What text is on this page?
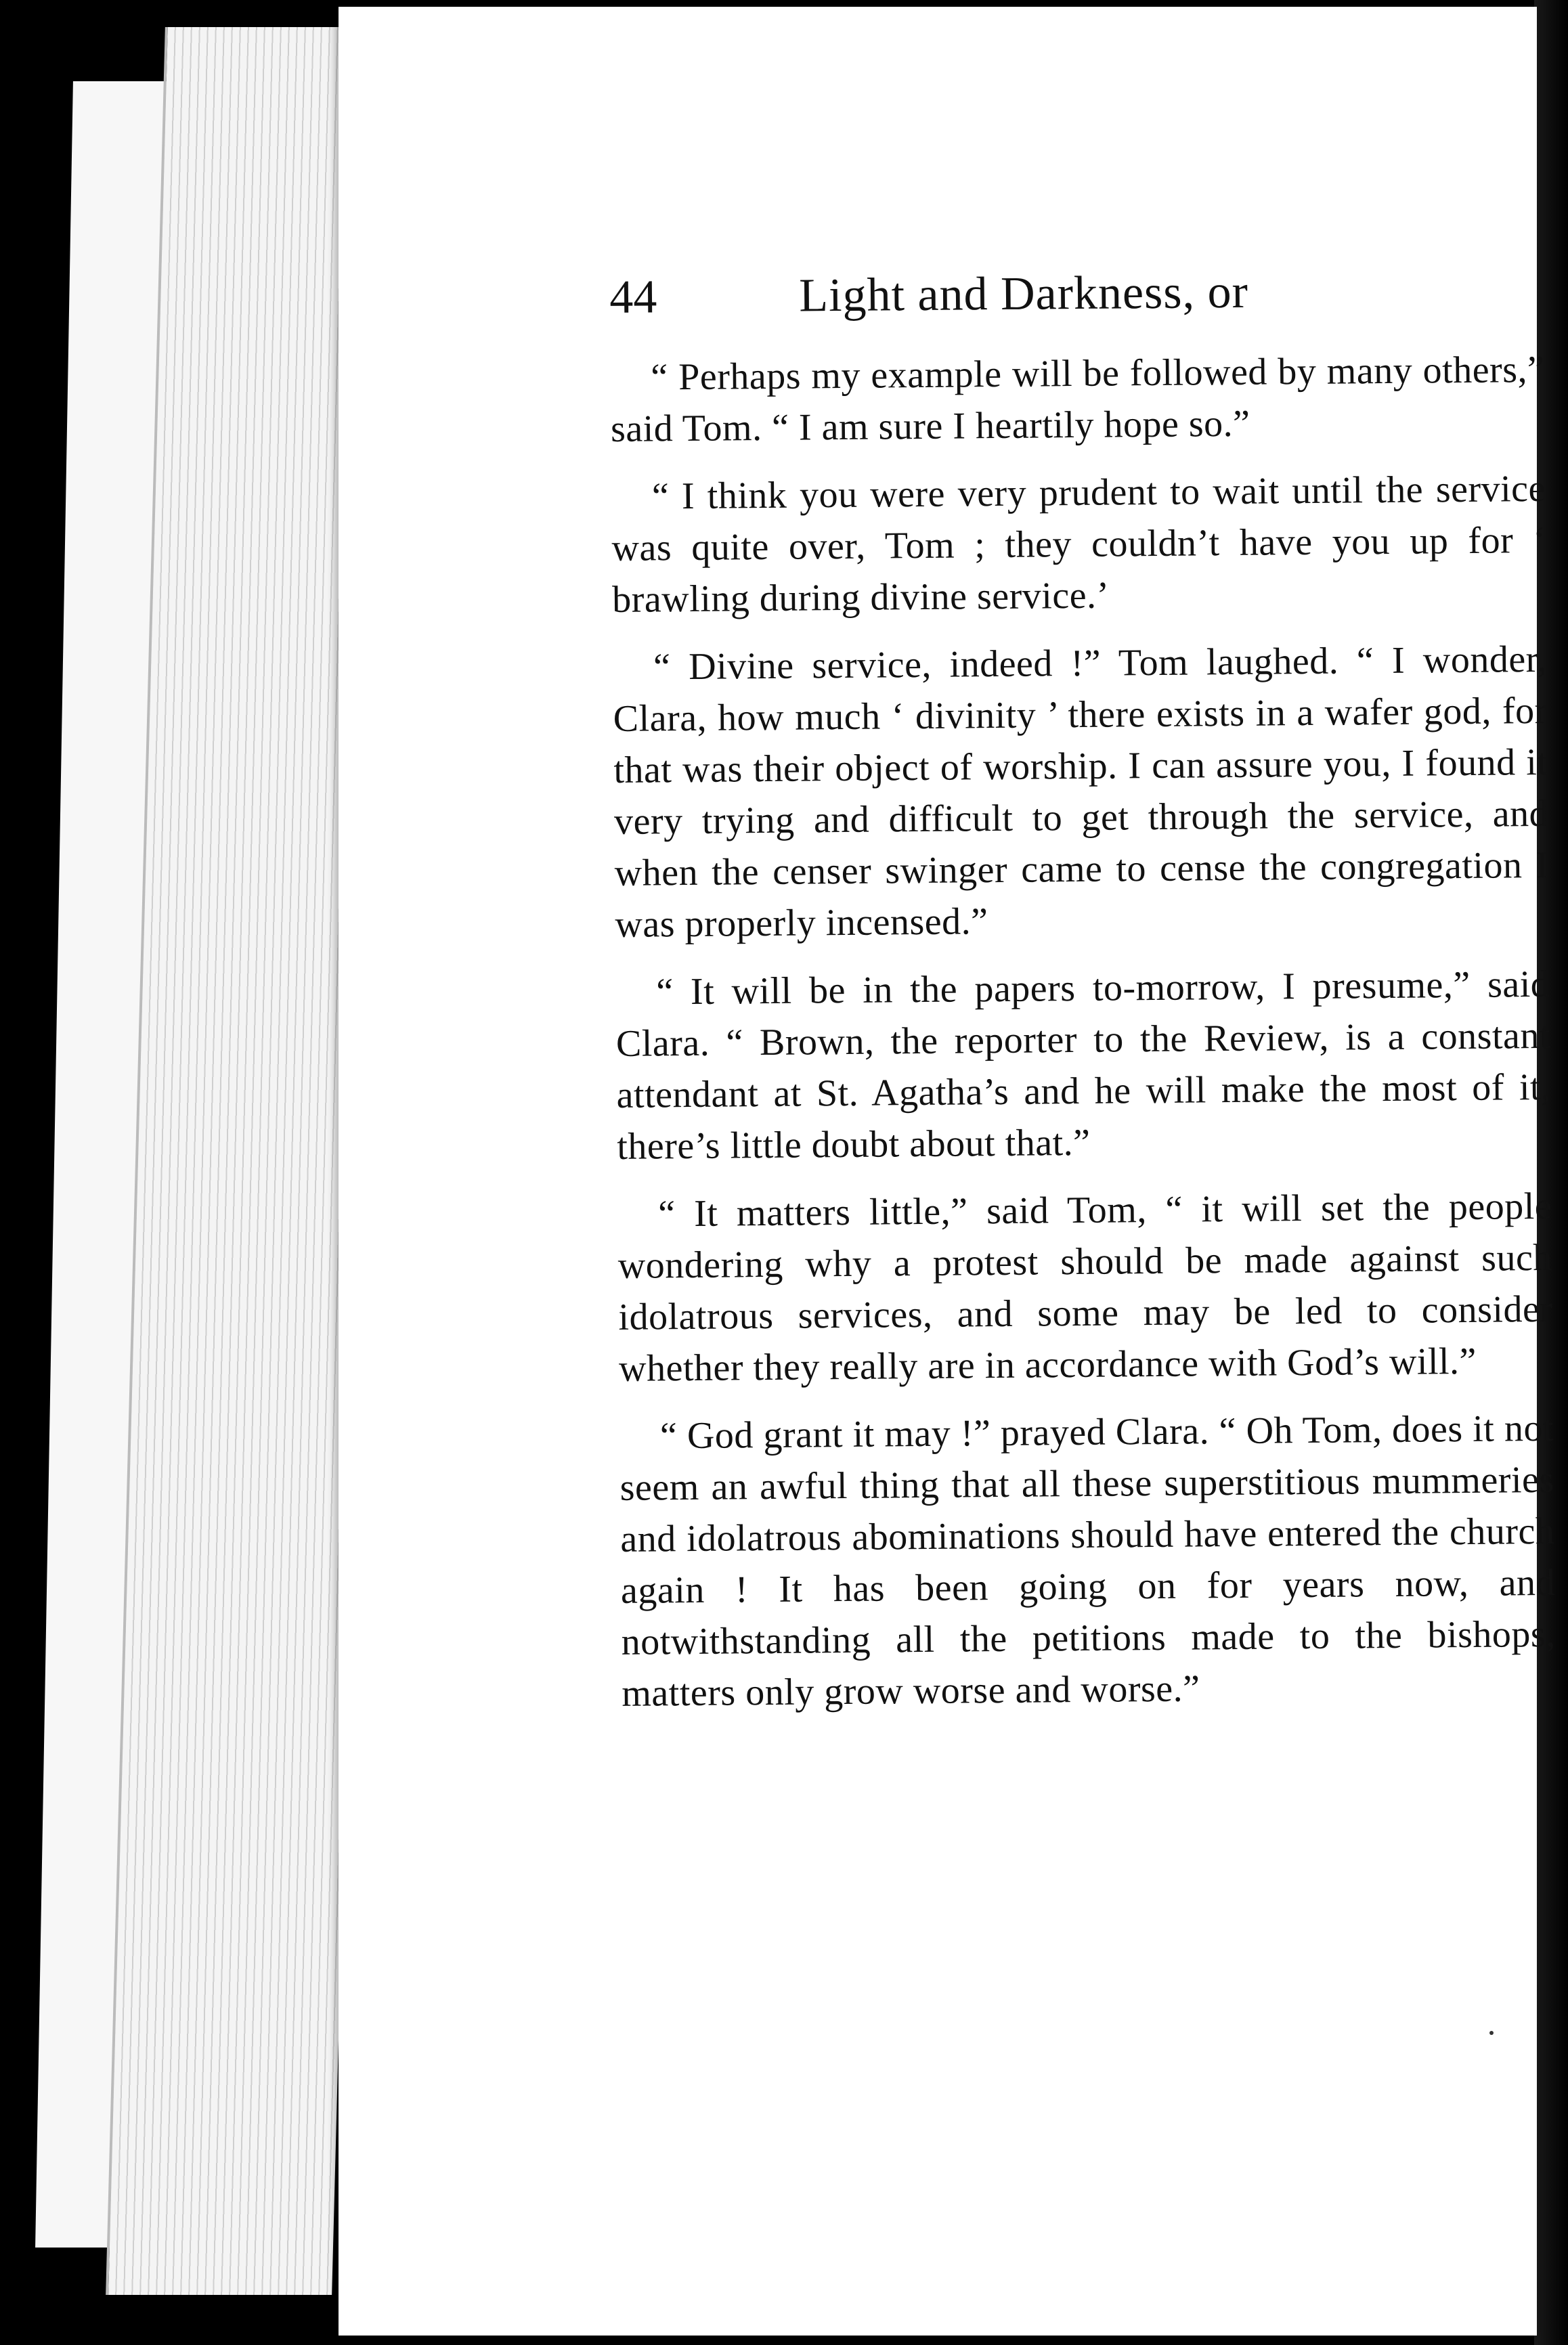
44	Light and Darkness, or

“ Perhaps my example will be followed by many others,” said Tom. “ I am sure I heartily hope so.”

“ I think you were very prudent to wait until the service was quite over, Tom ; they couldn’t have you up for ‘ brawling during divine service.’

“ Divine service, indeed !” Tom laughed. “ I wonder, Clara, how much ‘ divinity ’ there exists in a wafer god, for that was their object of worship. I can assure you, I found it very trying and difficult to get through the service, and when the censer swinger came to cense the congregation I was properly incensed.”

“ It will be in the papers to-morrow, I presume,” said Clara. “ Brown, the reporter to the Review, is a constant attendant at St. Agatha’s and he will make the most of it, there’s little doubt about that.”

“ It matters little,” said Tom, “ it will set the people wondering why a protest should be made against such idolatrous services, and some may be led to consider whether they really are in accordance with God’s will.”

“ God grant it may !” prayed Clara. “ Oh Tom, does it not seem an awful thing that all these superstitious mummeries and idolatrous abominations should have entered the church again ! It has been going on for years now, and notwithstanding all the petitions made to the bishops, matters only grow worse and worse.”
